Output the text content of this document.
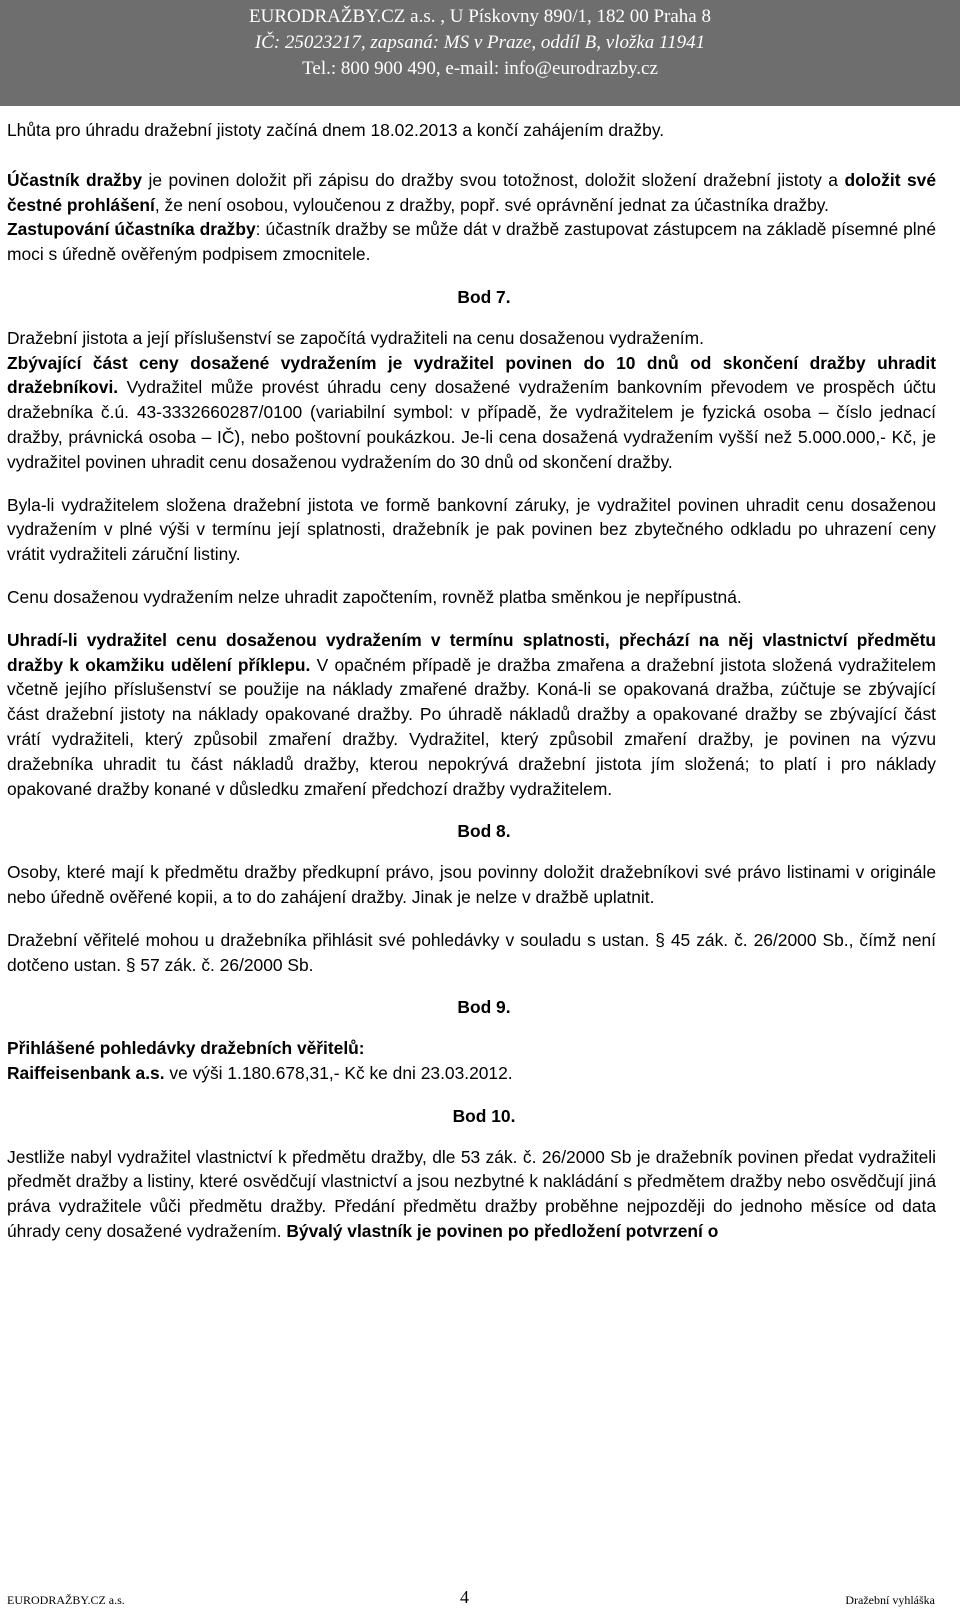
EURODRAŽBY.CZ a.s. , U Pískovny 890/1, 182 00 Praha 8
IČ: 25023217, zapsaná: MS v Praze, oddíl B, vložka 11941
Tel.: 800 900 490, e-mail: info@eurodrazby.cz

Lhůta pro úhradu dražební jistoty začíná dnem 18.02.2013 a končí zahájením dražby.

Účastník dražby je povinen doložit při zápisu do dražby svou totožnost, doložit složení dražební jistoty a doložit své čestné prohlášení, že není osobou, vyloučenou z dražby, popř. své oprávnění jednat za účastníka dražby.

Zastupování účastníka dražby: účastník dražby se může dát v dražbě zastupovat zástupcem na základě písemné plné moci s úředně ověřeným podpisem zmocnitele.

Bod 7.

Dražební jistota a její příslušenství se započítá vydražiteli na cenu dosaženou vydražením.

Zbývající část ceny dosažené vydražením je vydražitel povinen do 10 dnů od skončení dražby uhradit dražebníkovi. Vydražitel může provést úhradu ceny dosažené vydražením bankovním převodem ve prospěch účtu dražebníka č.ú. 43-3332660287/0100 (variabilní symbol: v případě, že vydražitelem je fyzická osoba – číslo jednací dražby, právnická osoba – IČ), nebo poštovní poukázkou. Je-li cena dosažená vydražením vyšší než 5.000.000,- Kč, je vydražitel povinen uhradit cenu dosaženou vydražením do 30 dnů od skončení dražby.

Byla-li vydražitelem složena dražební jistota ve formě bankovní záruky, je vydražitel povinen uhradit cenu dosaženou vydražením v plné výši v termínu její splatnosti, dražebník je pak povinen bez zbytečného odkladu po uhrazení ceny vrátit vydražiteli záruční listiny.

Cenu dosaženou vydražením nelze uhradit započtením, rovněž platba směnkou je nepřípustná.

Uhradí-li vydražitel cenu dosaženou vydražením v termínu splatnosti, přechází na něj vlastnictví předmětu dražby k okamžiku udělení příklepu. V opačném případě je dražba zmařena a dražební jistota složená vydražitelem včetně jejího příslušenství se použije na náklady zmařené dražby. Koná-li se opakovaná dražba, zúčtuje se zbývající část dražební jistoty na náklady opakované dražby. Po úhradě nákladů dražby a opakované dražby se zbývající část vrátí vydražiteli, který způsobil zmaření dražby. Vydražitel, který způsobil zmaření dražby, je povinen na výzvu dražebníka uhradit tu část nákladů dražby, kterou nepokrývá dražební jistota jím složená; to platí i pro náklady opakované dražby konané v důsledku zmaření předchozí dražby vydražitelem.

Bod 8.

Osoby, které mají k předmětu dražby předkupní právo, jsou povinny doložit dražebníkovi své právo listinami v originále nebo úředně ověřené kopii, a to do zahájení dražby. Jinak je nelze v dražbě uplatnit.

Dražební věřitelé mohou u dražebníka přihlásit své pohledávky v souladu s ustan. § 45 zák. č. 26/2000 Sb., čímž není dotčeno ustan. § 57 zák. č. 26/2000 Sb.

Bod 9.

Přihlášené pohledávky dražebních věřitelů:

Raiffeisenbank a.s. ve výši 1.180.678,31,- Kč ke dni 23.03.2012.

Bod 10.

Jestliže nabyl vydražitel vlastnictví k předmětu dražby, dle 53 zák. č. 26/2000 Sb je dražebník povinen předat vydražiteli předmět dražby a listiny, které osvědčují vlastnictví a jsou nezbytné k nakládání s předmětem dražby nebo osvědčují jiná práva vydražitele vůči předmětu dražby. Předání předmětu dražby proběhne nejpozději do jednoho měsíce od data úhrady ceny dosažené vydražením. Bývalý vlastník je povinen po předložení potvrzení o

EURODRAŽBY.CZ a.s.	4	Dražební vyhláška
